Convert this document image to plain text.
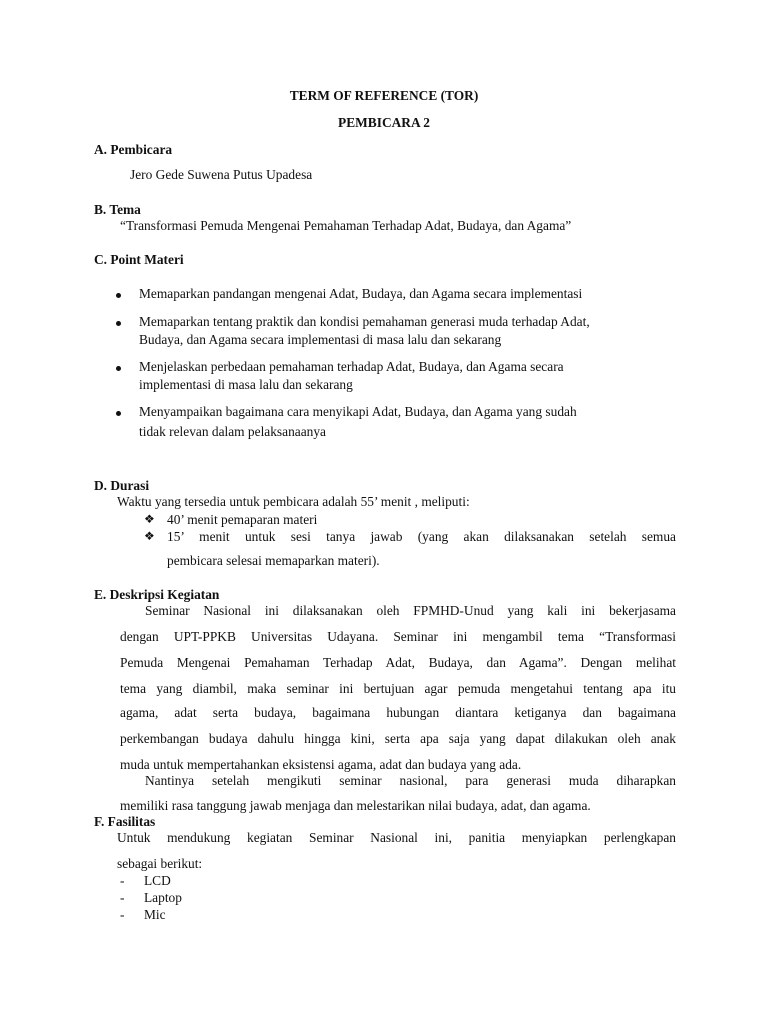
TERM OF REFERENCE (TOR)
PEMBICARA 2
A. Pembicara
Jero Gede Suwena Putus Upadesa
B. Tema
“Transformasi Pemuda Mengenai Pemahaman Terhadap Adat, Budaya, dan Agama”
C. Point Materi
Memaparkan pandangan mengenai Adat, Budaya, dan Agama secara implementasi
Memaparkan tentang praktik dan kondisi pemahaman generasi muda terhadap Adat,
Budaya, dan Agama secara implementasi di masa lalu dan sekarang
Menjelaskan perbedaan pemahaman terhadap Adat, Budaya, dan Agama secara
implementasi di masa lalu dan sekarang
Menyampaikan bagaimana cara menyikapi Adat, Budaya, dan Agama yang sudah
tidak relevan dalam pelaksanaanya
D. Durasi
Waktu yang tersedia untuk pembicara adalah 55’ menit , meliputi:
❖ 40’ menit pemaparan materi
❖ 15’ menit untuk sesi tanya jawab (yang akan dilaksanakan setelah semua
pembicara selesai memaparkan materi).
E. Deskripsi Kegiatan
Seminar Nasional ini dilaksanakan oleh FPMHD-Unud yang kali ini bekerjasama
dengan UPT-PPKB Universitas Udayana. Seminar ini mengambil tema “Transformasi
Pemuda Mengenai Pemahaman Terhadap Adat, Budaya, dan Agama”. Dengan melihat
tema yang diambil, maka seminar ini bertujuan agar pemuda mengetahui tentang apa itu
agama, adat serta budaya, bagaimana hubungan diantara ketiganya dan bagaimana
perkembangan budaya dahulu hingga kini, serta apa saja yang dapat dilakukan oleh anak
muda untuk mempertahankan eksistensi agama, adat dan budaya yang ada.
Nantinya setelah mengikuti seminar nasional, para generasi muda diharapkan
memiliki rasa tanggung jawab menjaga dan melestarikan nilai budaya, adat, dan agama.
F. Fasilitas
Untuk mendukung kegiatan Seminar Nasional ini, panitia menyiapkan perlengkapan
sebagai berikut:
- LCD
- Laptop
- Mic
